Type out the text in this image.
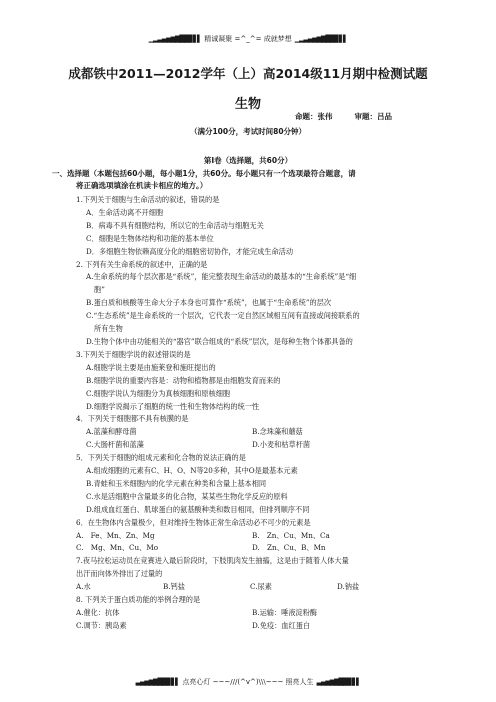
▁▂▃▄▅▆▇█▉▊▋▌ 精诚凝聚 =^_^= 成就梦想 ▁▂▃▄▅▆▇█▉▊▋▌
成都铁中2011—2012学年（上）高2014级11月期中检测试题
生物
命题：张伟	审题：吕品
（满分100分，考试时间80分钟）
第Ⅰ卷（选择题，共60分）
一、选择题（本题包括60小题，每小题1分，共60分。每小题只有一个选项最符合题意，请
将正确选项填涂在机读卡相应的地方。）
1.下列关于细胞与生命活动的叙述，错误的是
A．生命活动离不开细胞
B．病毒不具有细胞结构，所以它的生命活动与细胞无关
C．细胞是生物体结构和功能的基本单位
D．多细胞生物依赖高度分化的细胞密切协作，才能完成生命活动
2. 下列有关生命系统的叙述中，正确的是
A.生命系统的每个层次都是“系统”，能完整表现生命活动的最基本的“生命系统”是“细
胞”
B.蛋白质和核酸等生命大分子本身也可算作“系统”，也属于“生命系统”的层次
C.“生态系统”是生命系统的一个层次，它代表一定自然区域相互间有直接或间接联系的
所有生物
D.生物个体中由功能相关的“器官”联合组成的“系统”层次，是每种生物个体都具备的
3.下列关于细胞学说的叙述错误的是
A.细胞学说主要是由施莱登和施旺提出的
B.细胞学说的重要内容是：动物和植物都是由细胞发育而来的
C.细胞学说认为细胞分为真核细胞和原核细胞
D.细胞学说揭示了细胞的统一性和生物体结构的统一性
4．下列关于细胞都不具有核膜的是
A.蓝藻和酵母菌	B.念珠藻和蘑菇
C.大肠杆菌和蓝藻	D.小麦和枯草杆菌
5．下列关于细胞的组成元素和化合物的说法正确的是
A.组成细胞的元素有C、H、O、N等20多种，其中O是最基本元素
B.青蛙和玉米细胞内的化学元素在种类和含量上基本相同
C.水是活细胞中含量最多的化合物，某某些生物化学反应的原料
D.组成血红蛋白、肌球蛋白的氨基酸种类和数目相同，但排列顺序不同
6．在生物体内含量极少，但对维持生物体正常生命活动必不可少的元素是
A.　Fe、Mn、Zn、Mg	B.　Zn、Cu、Mn、Ca
C.　Mg、Mn、Cu、Mo	D.　Zn、Cu、B、Mn
7.夜马拉松运动员在竞赛进入最后阶段时，下肢肌肉发生抽搐，这是由于随着人体大量
出汗而向体外排出了过量的
A.水	B.钙盐	C.尿素	D.钠盐
8. 下列关于蛋白质功能的举例合理的是
A.催化：抗体	B.运输：唾液淀粉酶
C.调节：胰岛素	D.免疫：血红蛋白
▃▄▅▆▇█▉▊▋▌ 点亮心灯 ~~~///(^v^)\\\~~~ 照亮人生 ▃▄▅▆▇█▉▊▋▌
